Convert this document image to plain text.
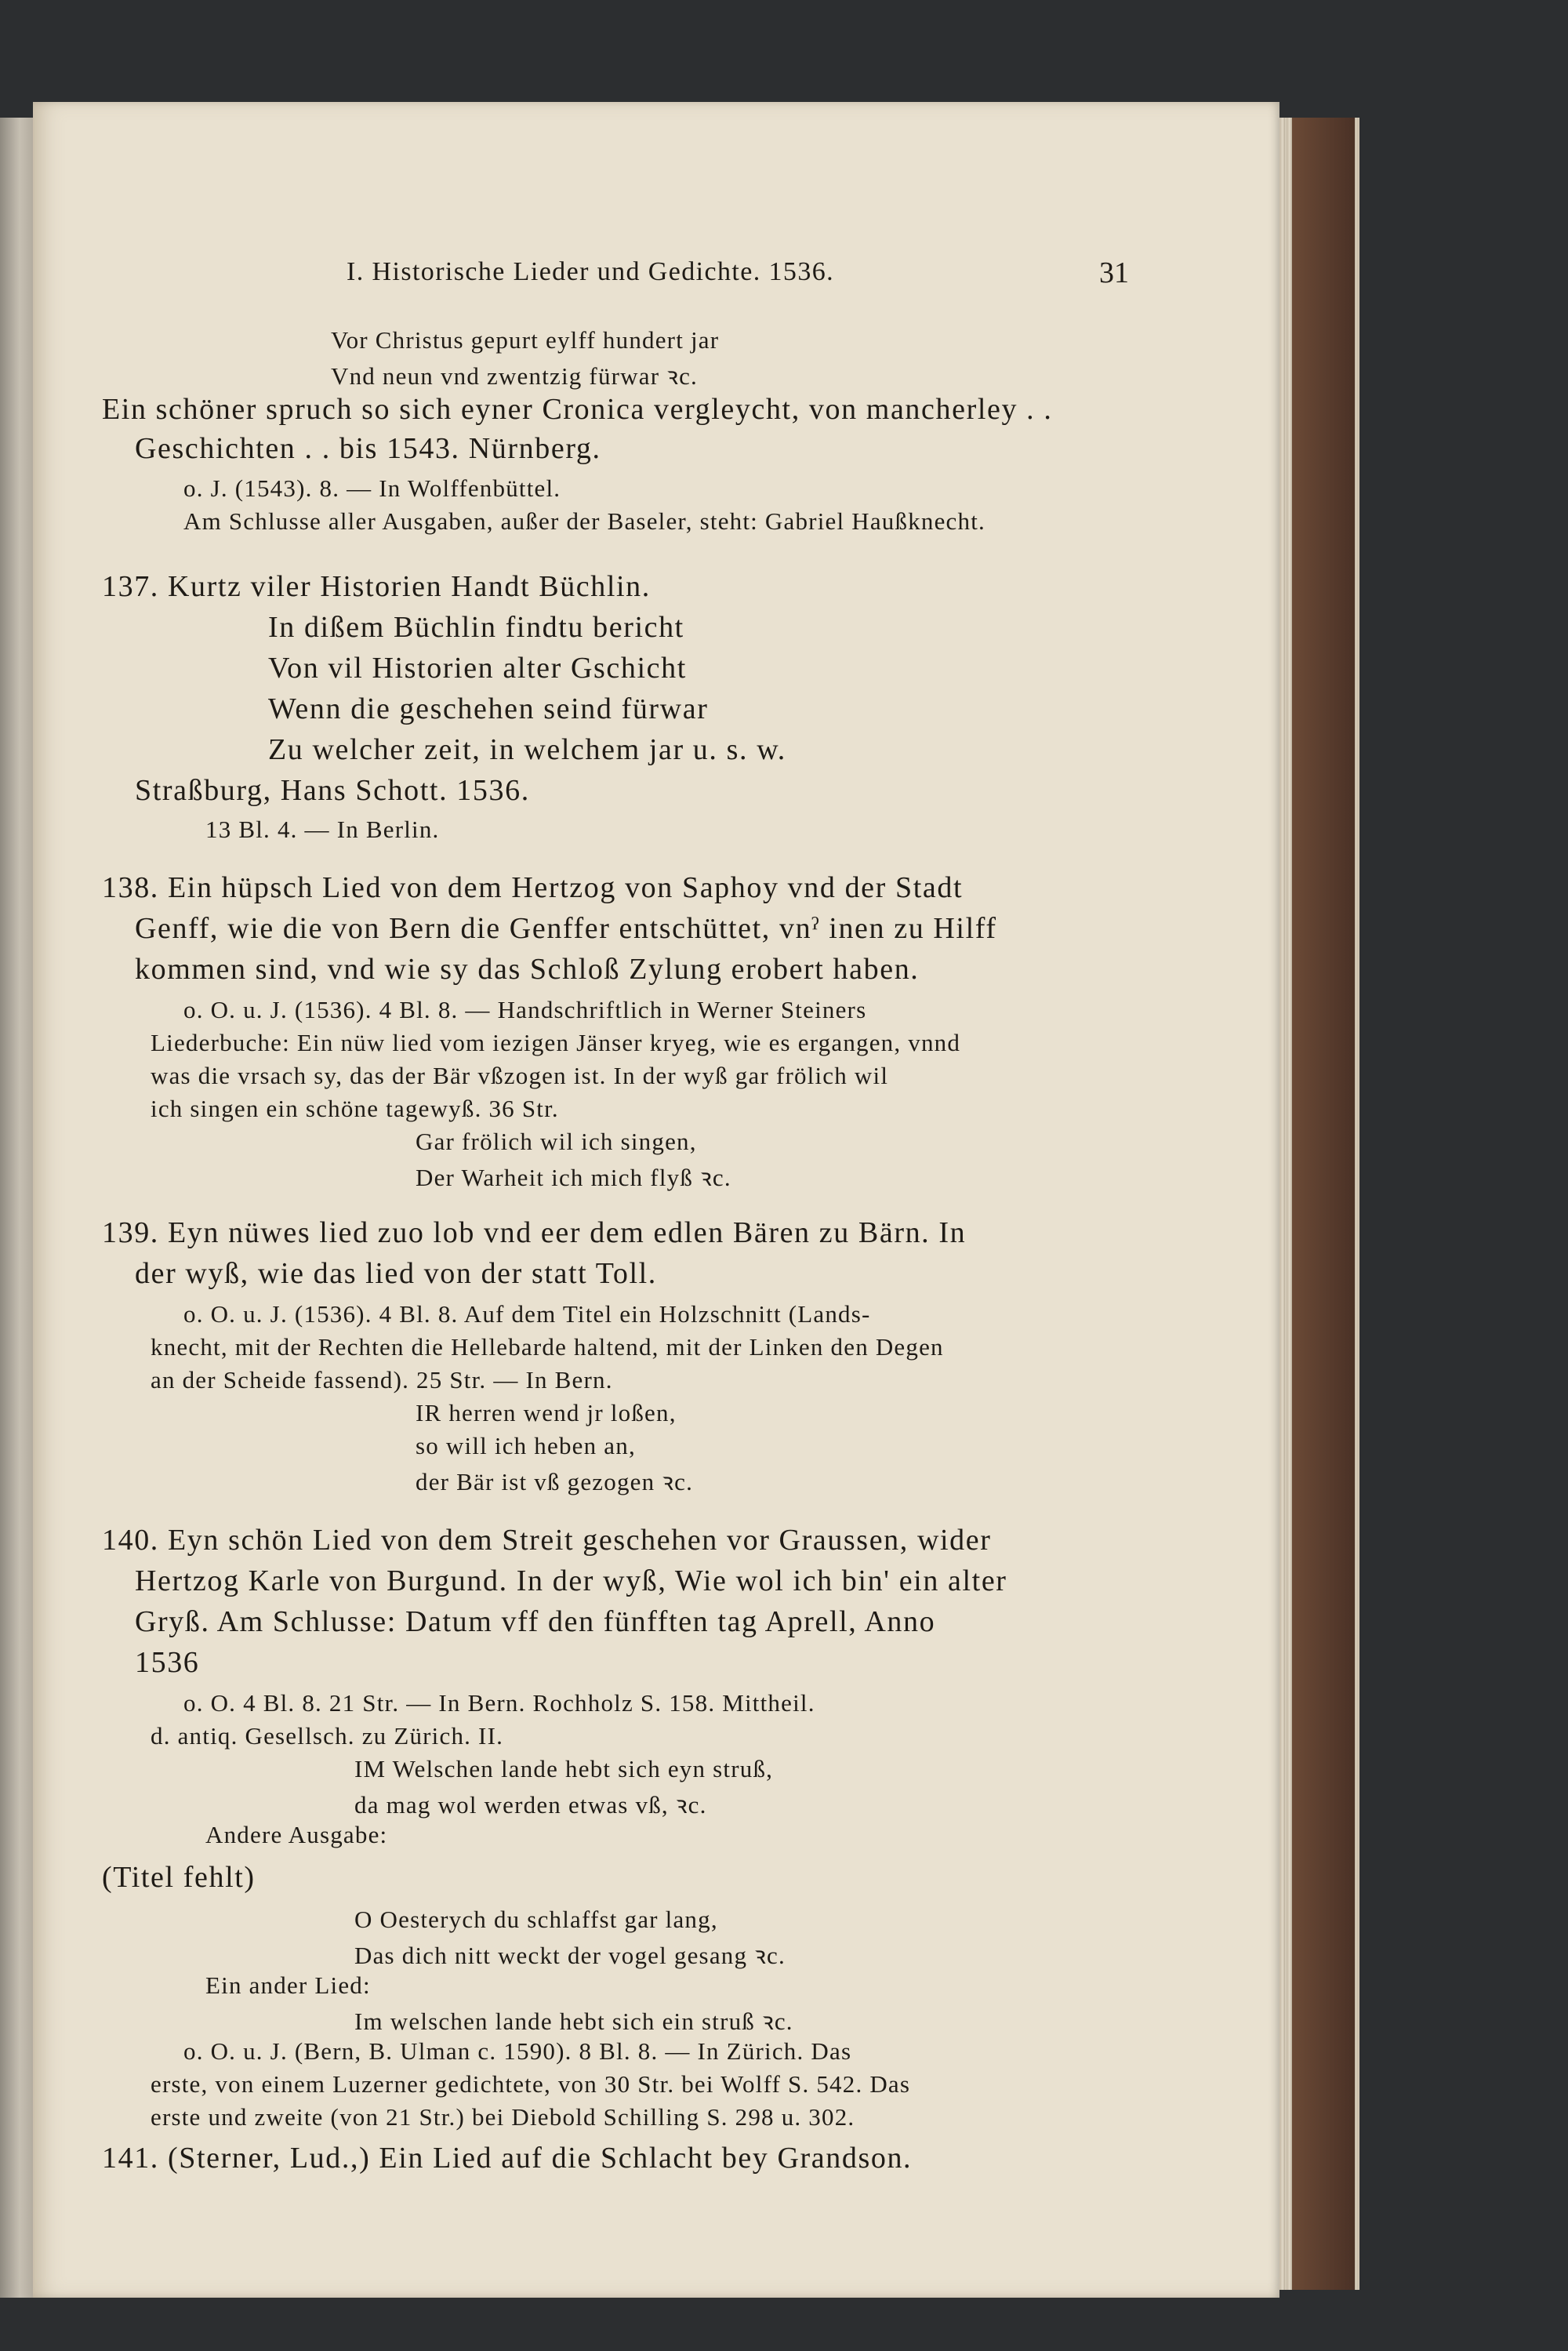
I. Historische Lieder und Gedichte. 1536.	31
Vor Christus gepurt eylff hundert jar
Vnd neun vnd zwentzig fürwar ꝛc.
Ein schöner spruch so sich eyner Cronica vergleycht, von mancherley . .
Geschichten . . bis 1543. Nürnberg.
o. J. (1543). 8. — In Wolffenbüttel.
Am Schlusse aller Ausgaben, außer der Baseler, steht: Gabriel Haußknecht.
137. Kurtz viler Historien Handt Büchlin.
In dißem Büchlin findtu bericht
Von vil Historien alter Gschicht
Wenn die geschehen seind fürwar
Zu welcher zeit, in welchem jar u. s. w.
Straßburg, Hans Schott. 1536.
13 Bl. 4. — In Berlin.
138. Ein hüpsch Lied von dem Hertzog von Saphoy vnd der Stadt
Genff, wie die von Bern die Genffer entschüttet, vnˀ inen zu Hilff
kommen sind, vnd wie sy das Schloß Zylung erobert haben.
o. O. u. J. (1536). 4 Bl. 8. — Handschriftlich in Werner Steiners
Liederbuche: Ein nüw lied vom iezigen Jänser kryeg, wie es ergangen, vnnd
was die vrsach sy, das der Bär vßzogen ist. In der wyß gar frölich wil
ich singen ein schöne tagewyß. 36 Str.
Gar frölich wil ich singen,
Der Warheit ich mich flyß ꝛc.
139. Eyn nüwes lied zuo lob vnd eer dem edlen Bären zu Bärn. In
der wyß, wie das lied von der statt Toll.
o. O. u. J. (1536). 4 Bl. 8. Auf dem Titel ein Holzschnitt (Lands-
knecht, mit der Rechten die Hellebarde haltend, mit der Linken den Degen
an der Scheide fassend). 25 Str. — In Bern.
IR herren wend jr loßen,
so will ich heben an,
der Bär ist vß gezogen ꝛc.
140. Eyn schön Lied von dem Streit geschehen vor Graussen, wider
Hertzog Karle von Burgund. In der wyß, Wie wol ich bin' ein alter
Gryß. Am Schlusse: Datum vff den fünfften tag Aprell, Anno
1536
o. O. 4 Bl. 8. 21 Str. — In Bern. Rochholz S. 158. Mittheil.
d. antiq. Gesellsch. zu Zürich. II.
IM Welschen lande hebt sich eyn struß,
da mag wol werden etwas vß, ꝛc.
Andere Ausgabe:
(Titel fehlt)
O Oesterych du schlaffst gar lang,
Das dich nitt weckt der vogel gesang ꝛc.
Ein ander Lied:
Im welschen lande hebt sich ein struß ꝛc.
o. O. u. J. (Bern, B. Ulman c. 1590). 8 Bl. 8. — In Zürich. Das
erste, von einem Luzerner gedichtete, von 30 Str. bei Wolff S. 542. Das
erste und zweite (von 21 Str.) bei Diebold Schilling S. 298 u. 302.
141. (Sterner, Lud.,) Ein Lied auf die Schlacht bey Grandson.
